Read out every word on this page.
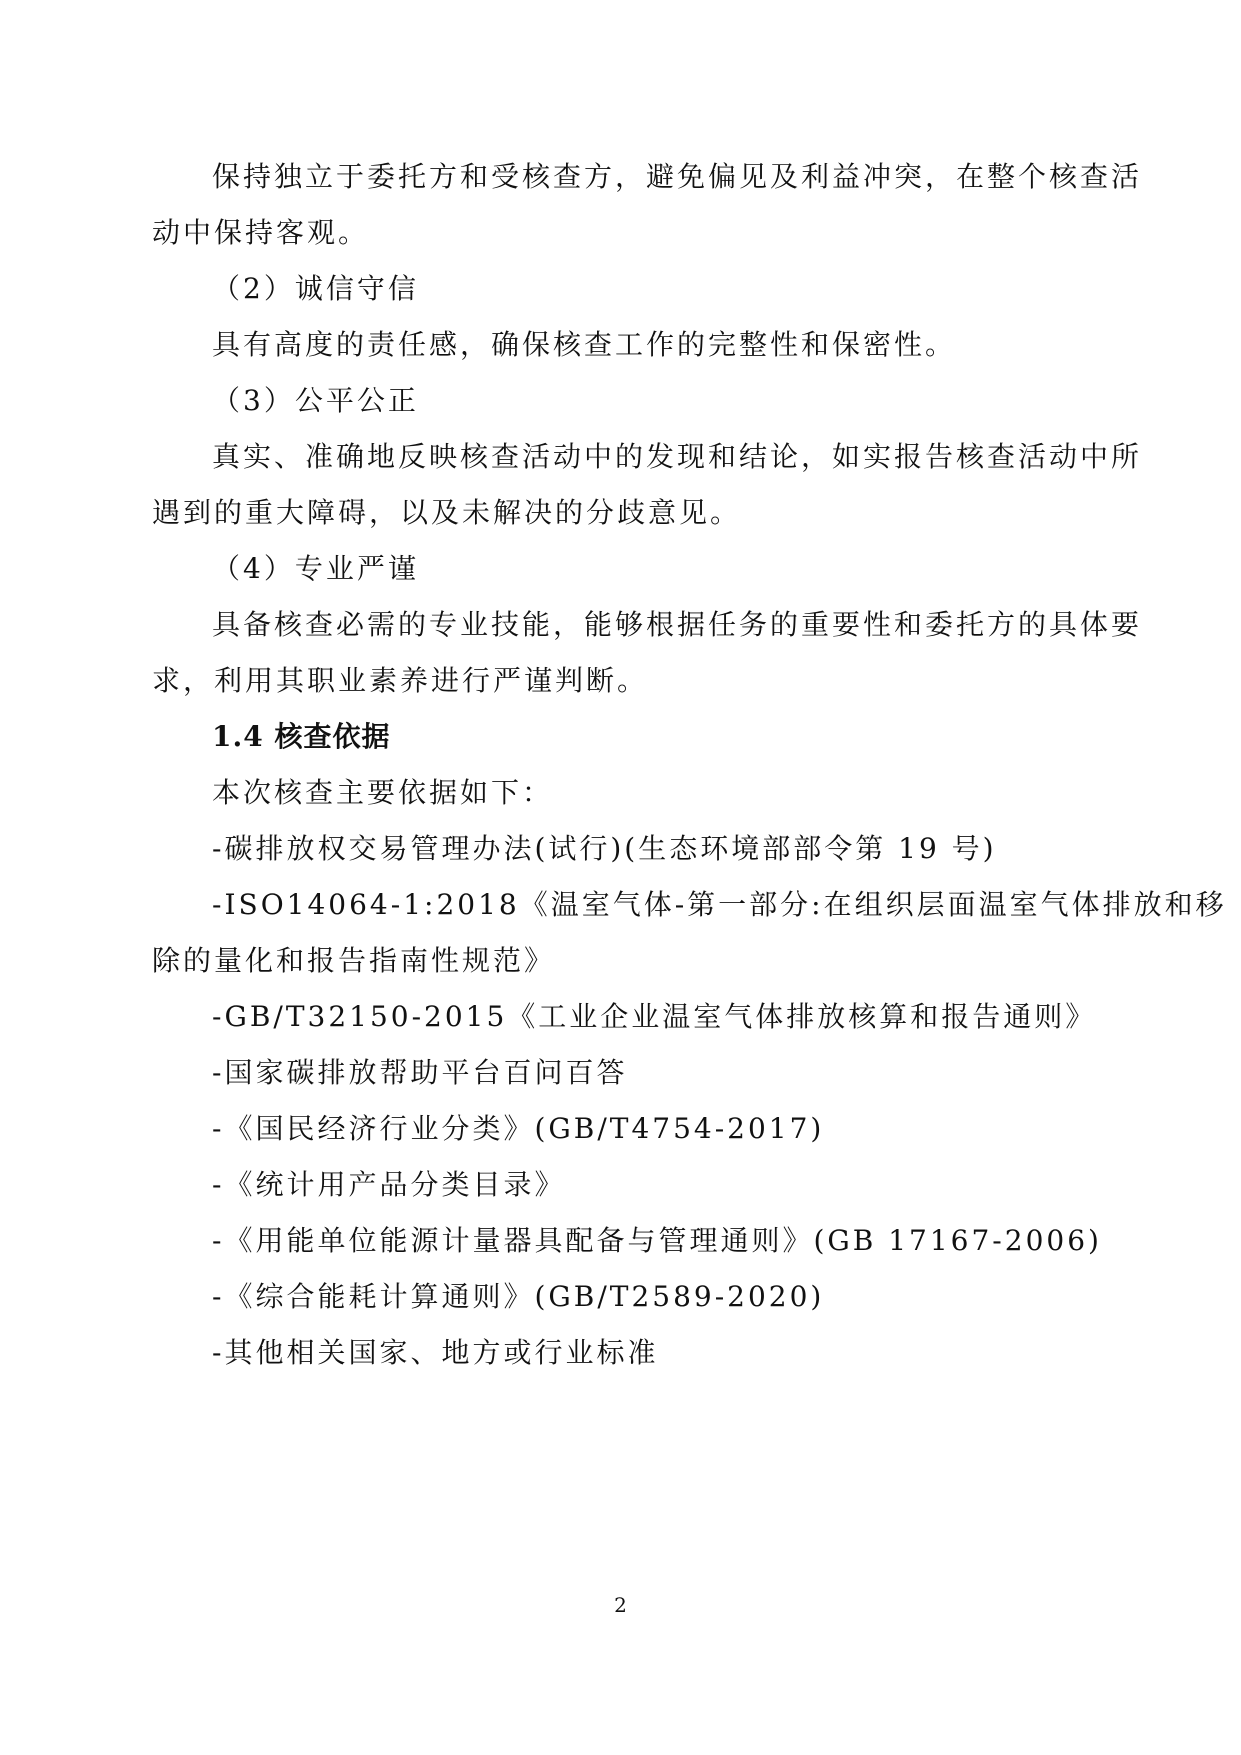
保持独立于委托方和受核查方，避免偏见及利益冲突，在整个核查活
动中保持客观。
（2）诚信守信
具有高度的责任感，确保核查工作的完整性和保密性。
（3）公平公正
真实、准确地反映核查活动中的发现和结论，如实报告核查活动中所
遇到的重大障碍，以及未解决的分歧意见。
（4）专业严谨
具备核查必需的专业技能，能够根据任务的重要性和委托方的具体要
求，利用其职业素养进行严谨判断。
1.4 核查依据
本次核查主要依据如下：
-碳排放权交易管理办法(试行)(生态环境部部令第 19 号)
-ISO14064-1:2018《温室气体-第一部分:在组织层面温室气体排放和移
除的量化和报告指南性规范》
-GB/T32150-2015《工业企业温室气体排放核算和报告通则》
-国家碳排放帮助平台百问百答
-《国民经济行业分类》(GB/T4754-2017)
-《统计用产品分类目录》
-《用能单位能源计量器具配备与管理通则》(GB 17167-2006)
-《综合能耗计算通则》(GB/T2589-2020)
-其他相关国家、地方或行业标准
2
